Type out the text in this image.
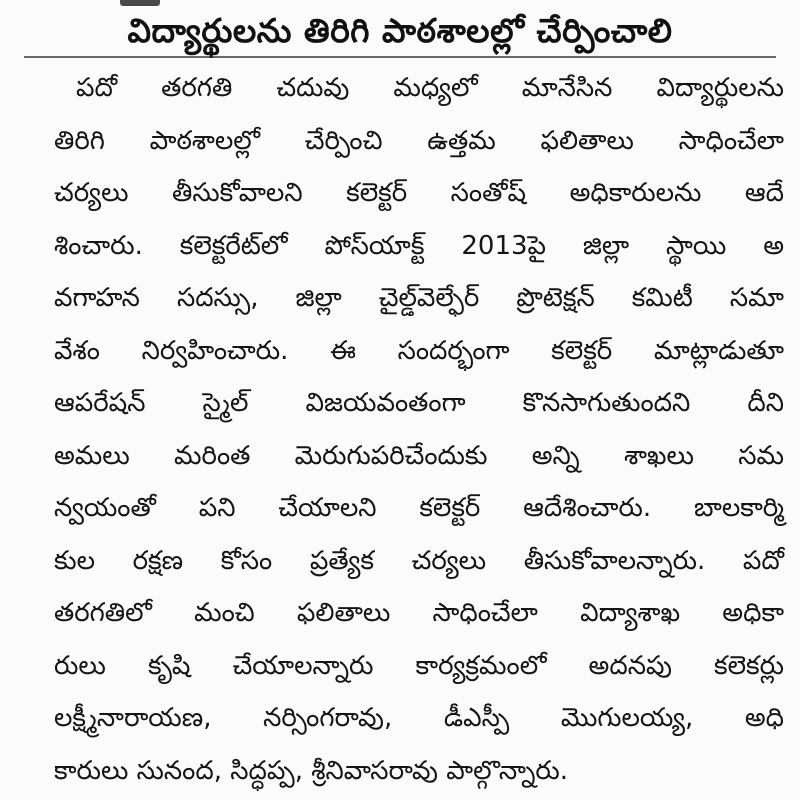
విద్యార్థులను తిరిగి పాఠశాలల్లో చేర్పించాలి
పదో తరగతి చదువు మధ్యలో మానేసిన విద్యార్థులను
తిరిగి పాఠశాలల్లో చేర్పించి ఉత్తమ ఫలితాలు సాధించేలా
చర్యలు తీసుకోవాలని కలెక్టర్ సంతోష్ అధికారులను ఆదే
శించారు. కలెక్టరేట్‌లో పోస్‌యాక్ట్ 2013పై జిల్లా స్థాయి అ
వగాహన సదస్సు, జిల్లా చైల్డ్‌వెల్ఫేర్ ప్రొటెక్షన్ కమిటీ సమా
వేశం నిర్వహించారు. ఈ సందర్భంగా కలెక్టర్ మాట్లాడుతూ
ఆపరేషన్ స్మైల్ విజయవంతంగా కొనసాగుతుందని దీని
అమలు మరింత మెరుగుపరిచేందుకు అన్ని శాఖలు సమ
న్వయంతో పని చేయాలని కలెక్టర్ ఆదేశించారు. బాలకార్మి
కుల రక్షణ కోసం ప్రత్యేక చర్యలు తీసుకోవాలన్నారు. పదో
తరగతిలో మంచి ఫలితాలు సాధించేలా విద్యాశాఖ అధికా
రులు కృషి చేయాలన్నారు కార్యక్రమంలో అదనపు కలెకర్లు
లక్ష్మీనారాయణ, నర్సింగరావు, డీఎస్పీ మొగులయ్య, అధి
కారులు సునంద, సిద్ధప్ప, శ్రీనివాసరావు పాల్గొన్నారు.
